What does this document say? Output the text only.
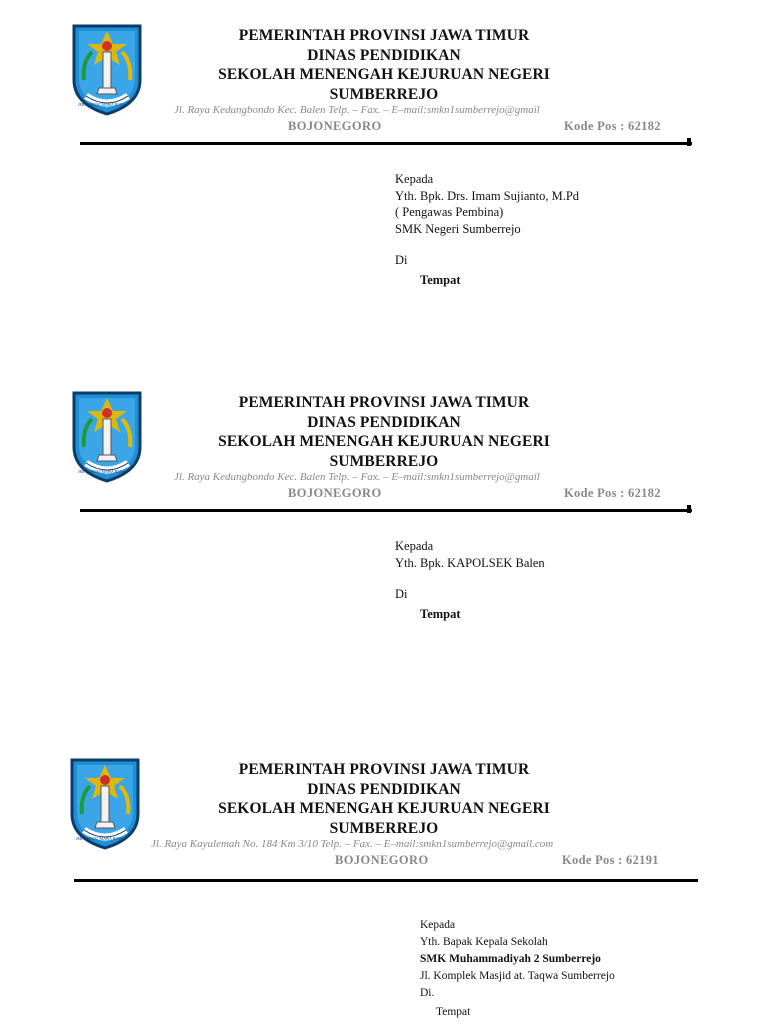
JER BASUKI MAWA BEYA
PEMERINTAH PROVINSI JAWA TIMUR
DINAS PENDIDIKAN
SEKOLAH MENENGAH KEJURUAN NEGERI
SUMBERREJO
Jl. Raya Kedungbondo Kec. Balen Telp. – Fax. – E–mail:smkn1sumberrejo@gmail
BOJONEGORO	Kode Pos : 62182
Kepada
Yth. Bpk. Drs. Imam Sujianto, M.Pd
( Pengawas Pembina)
SMK Negeri Sumberrejo
Di
Tempat
JER BASUKI MAWA BEYA
PEMERINTAH PROVINSI JAWA TIMUR
DINAS PENDIDIKAN
SEKOLAH MENENGAH KEJURUAN NEGERI
SUMBERREJO
Jl. Raya Kedungbondo Kec. Balen Telp. – Fax. – E–mail:smkn1sumberrejo@gmail
BOJONEGORO	Kode Pos : 62182
Kepada
Yth. Bpk. KAPOLSEK Balen
Di
Tempat
JER BASUKI MAWA BEYA
PEMERINTAH PROVINSI JAWA TIMUR
DINAS PENDIDIKAN
SEKOLAH MENENGAH KEJURUAN NEGERI
SUMBERREJO
Jl. Raya Kayulemah No. 184 Km 3/10 Telp. – Fax. – E–mail:smkn1sumberrejo@gmail.com
BOJONEGORO	Kode Pos : 62191
Kepada
Yth. Bapak Kepala Sekolah
SMK Muhammadiyah 2 Sumberrejo
Jl. Komplek Masjid at. Taqwa Sumberrejo
Di.
Tempat
